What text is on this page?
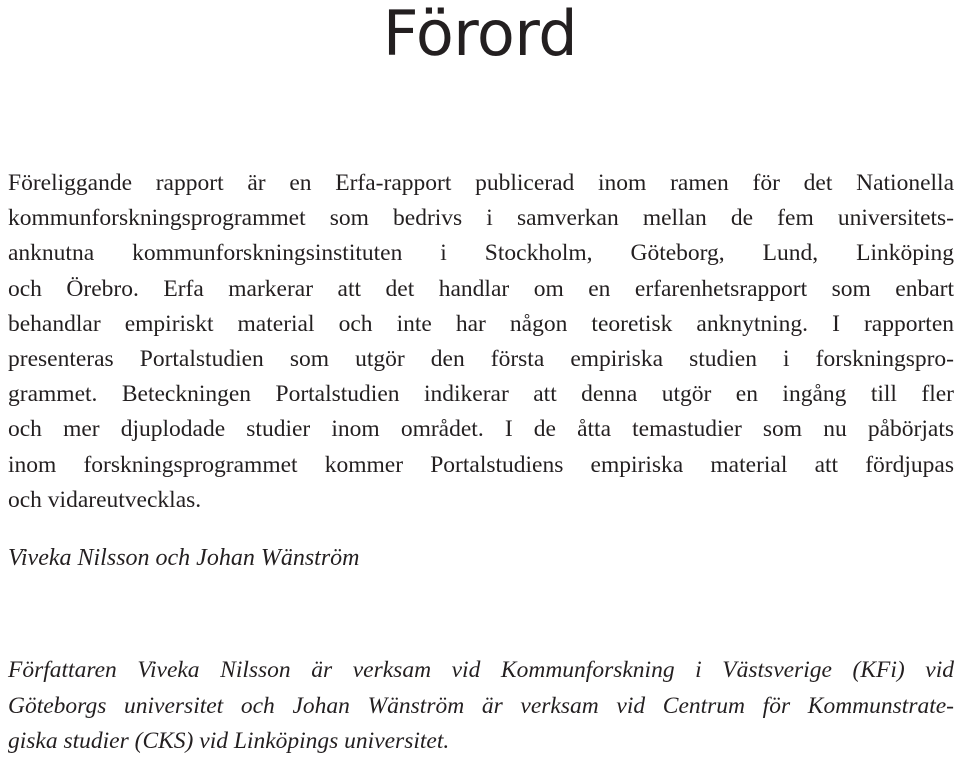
Förord

Föreliggande rapport är en Erfa-rapport publicerad inom ramen för det Nationella
kommunforskningsprogrammet som bedrivs i samverkan mellan de fem universitets-
anknutna kommunforskningsinstituten i Stockholm, Göteborg, Lund, Linköping
och Örebro. Erfa markerar att det handlar om en erfarenhetsrapport som enbart
behandlar empiriskt material och inte har någon teoretisk anknytning. I rapporten
presenteras Portalstudien som utgör den första empiriska studien i forskningspro-
grammet. Beteckningen Portalstudien indikerar att denna utgör en ingång till fler
och mer djuplodade studier inom området. I de åtta temastudier som nu påbörjats
inom forskningsprogrammet kommer Portalstudiens empiriska material att fördjupas
och vidareutvecklas.

Viveka Nilsson och Johan Wänström

Författaren Viveka Nilsson är verksam vid Kommunforskning i Västsverige (KFi) vid
Göteborgs universitet och Johan Wänström är verksam vid Centrum för Kommunstrate-
giska studier (CKS) vid Linköpings universitet.
